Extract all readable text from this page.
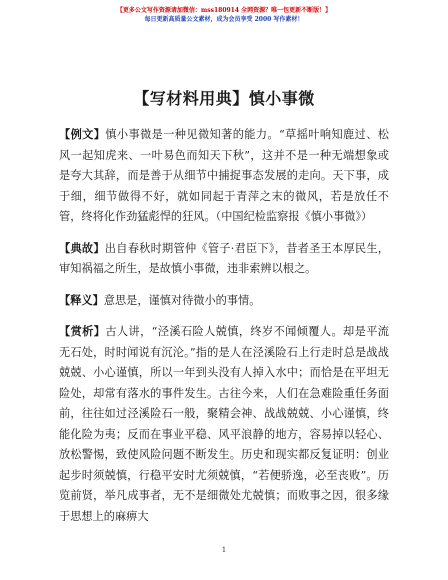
【更多公文写作资源请加微信：mss180914 全网资源？唯一包更新不断版！】
每日更新高质量公文素材，成为会员享受 2000 写作素材！
【写材料用典】慎小事微

【例文】慎小事微是一种见微知著的能力。“草摇叶响知鹿过、松风一起知虎来、一叶易色而知天下秋”，这并不是一种无端想象或是夸大其辞，而是善于从细节中捕捉事态发展的走向。天下事，成于细，细节做得不好，就如同起于青萍之末的微风，若是放任不管，终将化作劲猛彪悍的狂风。（中国纪检监察报《慎小事微》）

【典故】出自春秋时期管仲《管子·君臣下》，昔者圣王本厚民生，审知祸福之所生，是故慎小事微，违非索辨以根之。

【释义】意思是，谨慎对待微小的事情。

【赏析】古人讲，“泾溪石险人兢慎，终岁不闻倾覆人。却是平流无石处，时时闻说有沉沦。”指的是人在泾溪险石上行走时总是战战兢兢、小心谨慎，所以一年到头没有人掉入水中；而恰是在平坦无险处，却常有落水的事件发生。古往今来，人们在急难险重任务面前，往往如过泾溪险石一般，聚精会神、战战兢兢、小心谨慎，终能化险为夷；反而在事业平稳、风平浪静的地方，容易掉以轻心、放松警惕，致使风险问题不断发生。历史和现实都反复证明：创业起步时须兢慎，行稳平安时尤须兢慎，“若便骄逸，必至丧败”。历览前贤，举凡成事者，无不是细微处尤兢慎；而败事之因，很多缘于思想上的麻痹大

1
